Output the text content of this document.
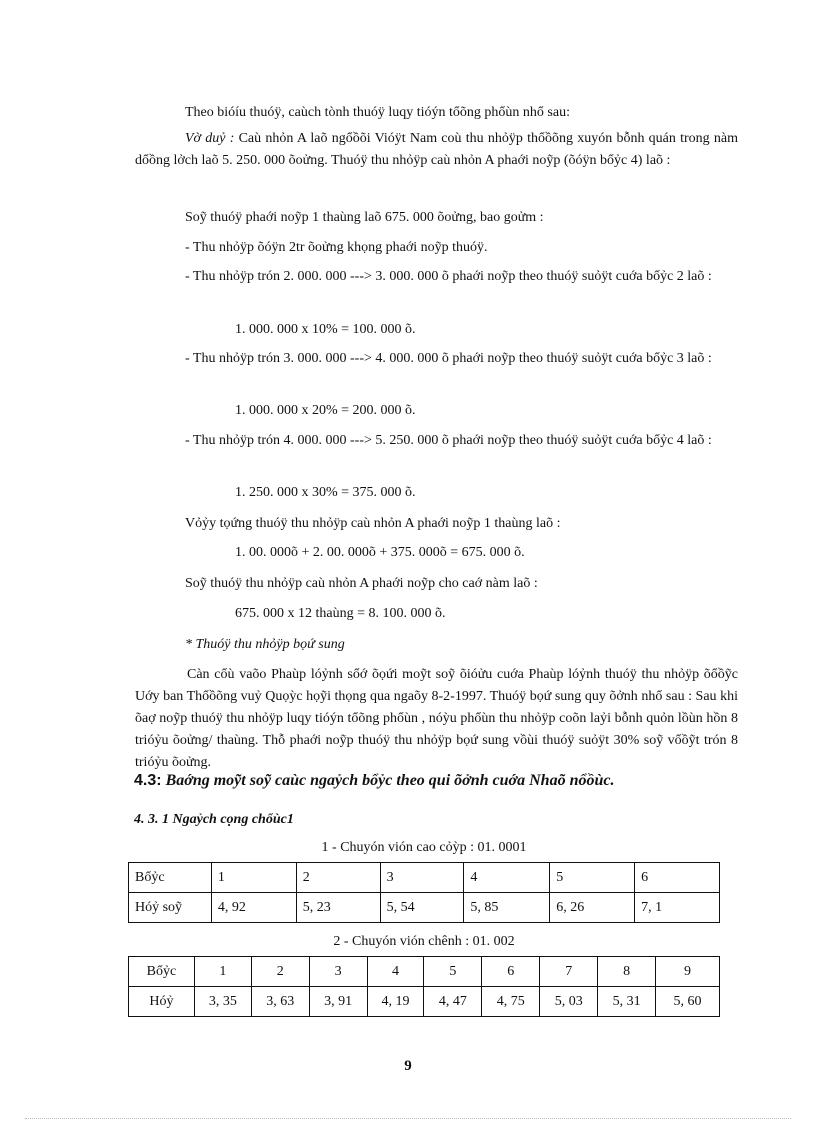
Theo bióíu thuóÿ, caùch tònh thuóÿ luqy tióýn tổõng phổùn nhổ sau:
Vờ duỷ : Caù nhỏn A laõ ngổồõi Vióÿt Nam coù thu nhỏÿp thổồõng xuyón bỗnh quán trong nàm dổồng lởch laõ 5. 250. 000 õoửng. Thuóÿ thu nhỏÿp caù nhỏn A phaới noỹp (õóÿn bổỷc 4) laõ :
Soỹ thuóÿ phaới noỹp 1 thaùng laõ 675. 000 õoửng, bao goửm :
- Thu nhỏÿp õóÿn 2tr õoửng khọng phaới noỹp thuóÿ.
- Thu nhỏÿp trón 2. 000. 000 ---> 3. 000. 000 õ phaới noỹp theo thuóÿ suỏÿt cuớa bổỷc 2 laõ :
1. 000. 000 x 10% = 100. 000 õ.
- Thu nhỏÿp trón 3. 000. 000 ---> 4. 000. 000 õ phaới noỹp theo thuóÿ suỏÿt cuớa bổỷc 3 laõ :
1. 000. 000 x 20% = 200. 000 õ.
- Thu nhỏÿp trón 4. 000. 000 ---> 5. 250. 000 õ phaới noỹp theo thuóÿ suỏÿt cuớa bổỷc 4 laõ :
1. 250. 000 x 30% = 375. 000 õ.
Vỏỷy tọứng thuóÿ thu nhỏÿp caù nhỏn A phaới noỹp 1 thaùng laõ :
1. 00. 000õ + 2. 00. 000õ + 375. 000õ = 675. 000 õ.
Soỹ thuóÿ thu nhỏÿp caù nhỏn A phaới noỹp cho caớ nàm laõ :
675. 000 x 12 thaùng = 8. 100. 000 õ.
* Thuóÿ thu nhỏÿp bọứ sung
Càn cổù vaõo Phaùp lóỷnh sổớ õọứi moỹt soỹ õióửu cuớa Phaùp lóỷnh thuóÿ thu nhỏÿp õổồỹc Uớy ban Thổồõng vuỷ Quọỳc họỹi thọng qua ngaõy 8-2-1997. Thuóÿ bọứ sung quy õởnh nhổ sau : Sau khi õaợ noỹp thuóÿ thu nhỏÿp luqy tióýn tổõng phổùn , nóỳu phổùn thu nhỏÿp coõn laỷi bỗnh quỏn lồùn hồn 8 trióỷu õoửng/ thaùng. Thỗ phaới noỹp thuóÿ thu nhỏÿp bọứ sung vồùi thuóÿ suỏÿt 30% soỹ vổồỹt trón 8 trióỷu õoửng.
4.3: Baớng moỹt soỹ caùc ngaỷch bổỷc theo qui õởnh cuớa Nhaõ nổồùc.
4. 3. 1 Ngaỷch cọng chổùc1
1 - Chuyón vión cao cỏỳp : 01. 0001
Bổỷc	1	2	3	4	5	6
Hóỷ soỹ	4, 92	5, 23	5, 54	5, 85	6, 26	7, 1
2 - Chuyón vión chênh : 01. 002
Bổỷc	1	2	3	4	5	6	7	8	9
Hóỷ	3, 35	3, 63	3, 91	4, 19	4, 47	4, 75	5, 03	5, 31	5, 60
9
